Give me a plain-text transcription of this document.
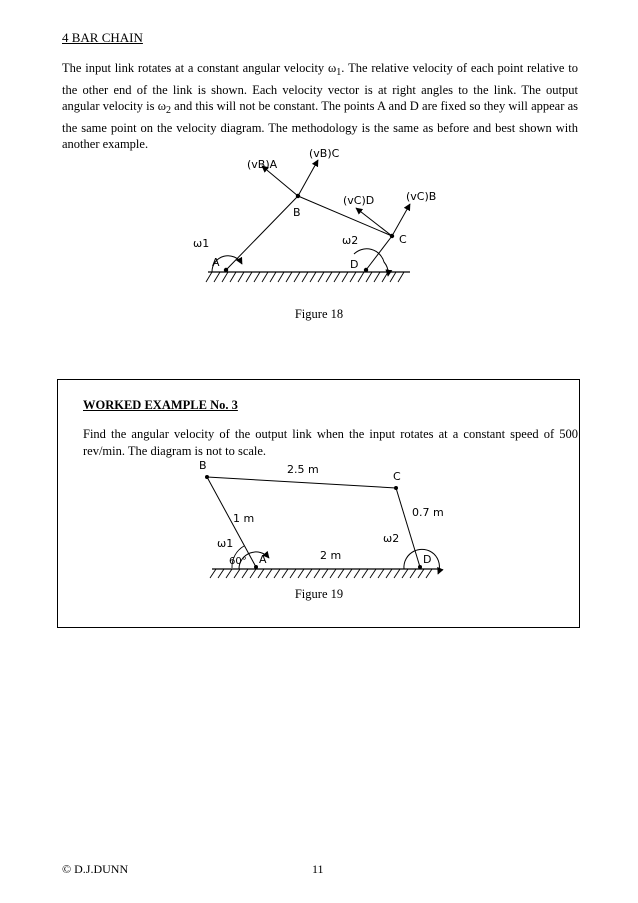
4 BAR CHAIN

The input link rotates at a constant angular velocity $\omega_1$. The relative velocity of each point relative to the other end of the link is shown. Each velocity vector is at right angles to the link. The output angular velocity is $\omega_2$ and this will not be constant. The points A and D are fixed so they will appear as the same point on the velocity diagram. The methodology is the same as before and best shown with another example.

(vB)A
(vB)C
(vC)D	(vC)B
B
C
A	D
ω1	ω2
Figure 18
WORKED EXAMPLE No. 3

Find the angular velocity of the output link when the input rotates at a constant speed of 500 rev/min. The diagram is not to scale.

B
C
A	D
2.5 m
1 m	0.7 m
2 m
60°
ω1	ω2
Figure 19
© D.J.DUNN	11
